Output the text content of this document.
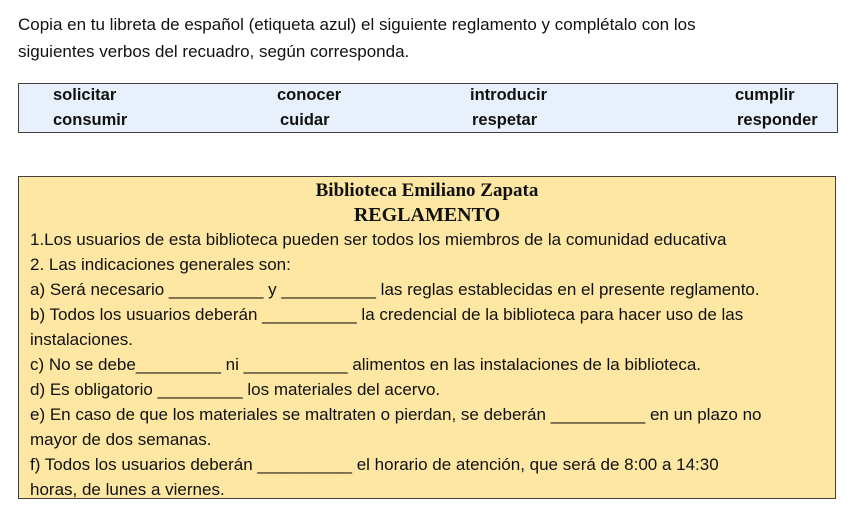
Copia en tu libreta de español (etiqueta azul) el siguiente reglamento y complétalo con los
siguientes verbos del recuadro, según corresponda.
solicitar	conocer	introducir	cumplir
consumir	cuidar	respetar	responder
Biblioteca Emiliano Zapata
REGLAMENTO
1.Los usuarios de esta biblioteca pueden ser todos los miembros de la comunidad educativa
2. Las indicaciones generales son:
a) Será necesario __________ y __________ las reglas establecidas en el presente reglamento.
b) Todos los usuarios deberán __________ la credencial de la biblioteca para hacer uso de las
instalaciones.
c) No se debe_________ ni ___________ alimentos en las instalaciones de la biblioteca.
d) Es obligatorio _________ los materiales del acervo.
e) En caso de que los materiales se maltraten o pierdan, se deberán __________ en un plazo no
mayor de dos semanas.
f) Todos los usuarios deberán __________ el horario de atención, que será de 8:00 a 14:30
horas, de lunes a viernes.
